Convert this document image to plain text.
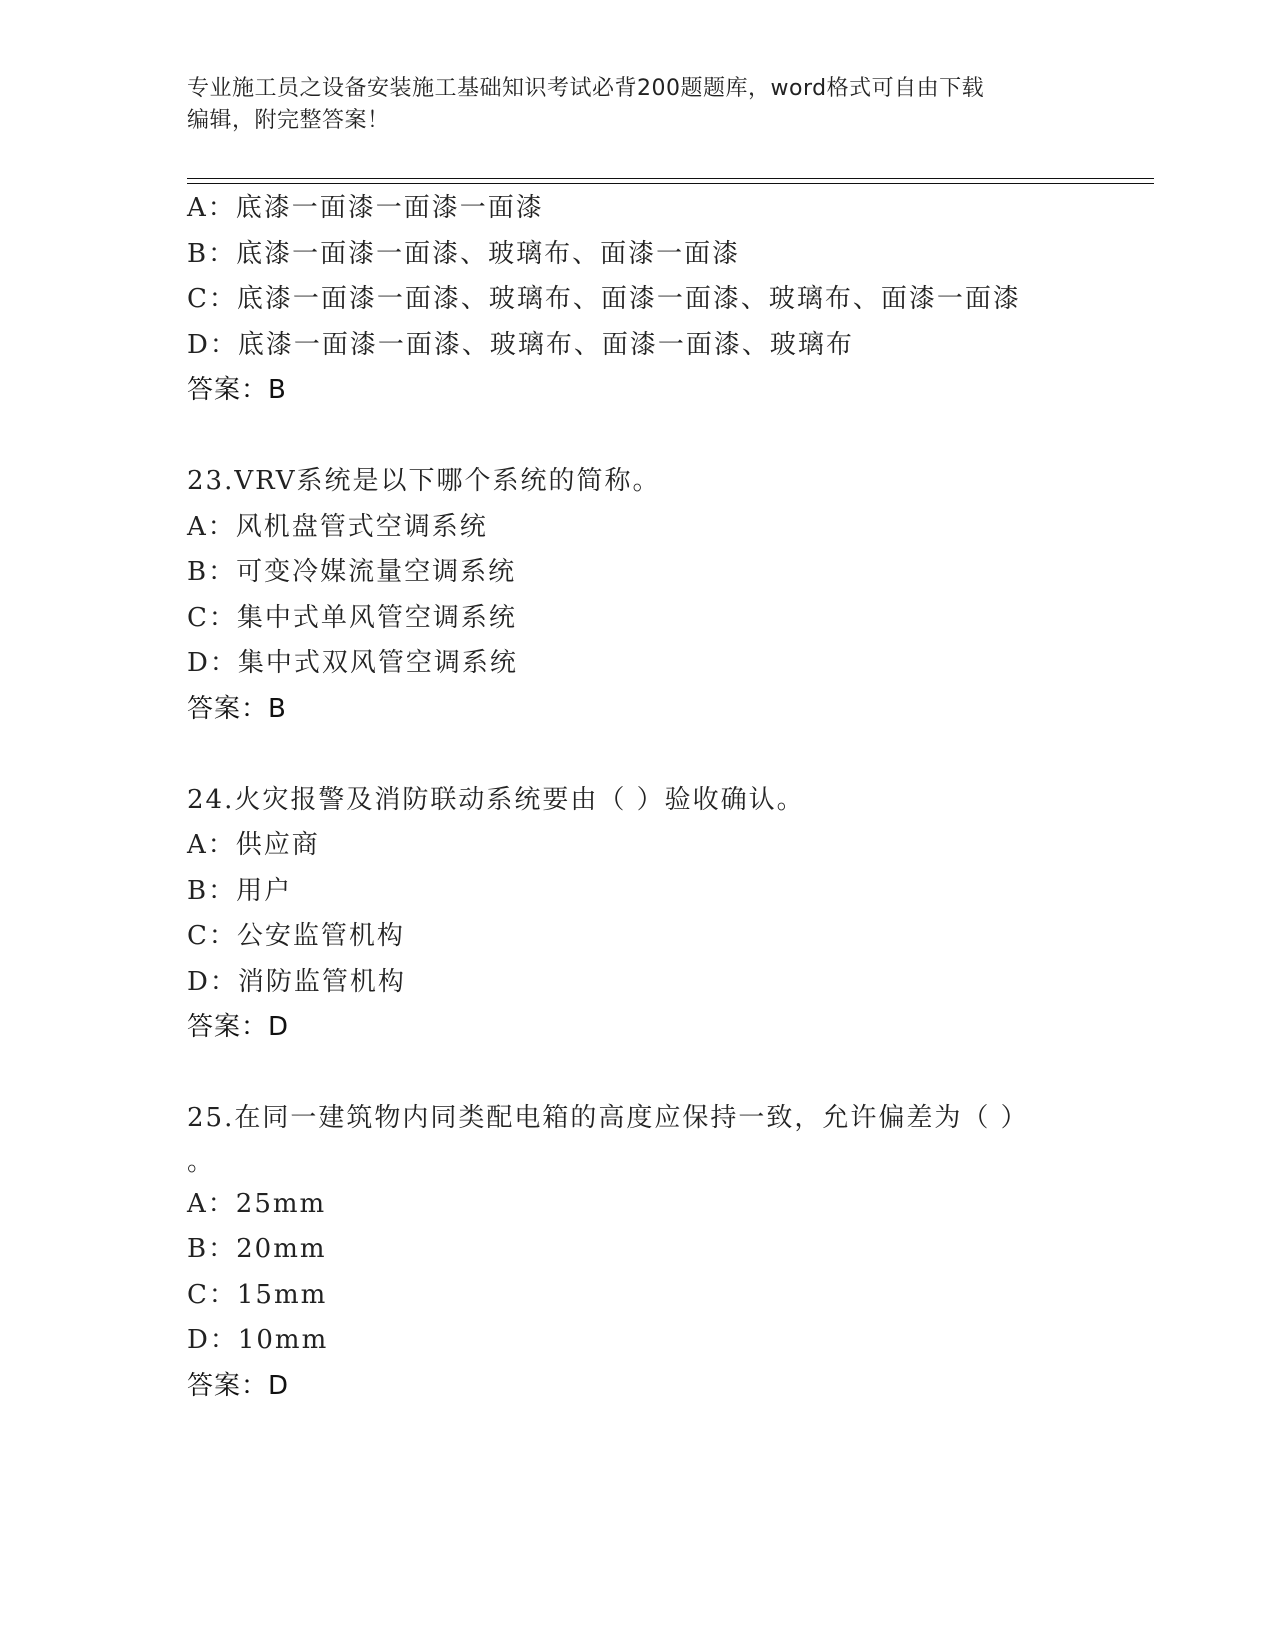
专业施工员之设备安装施工基础知识考试必背200题题库，word格式可自由下载
编辑，附完整答案！
A：底漆一面漆一面漆一面漆
B：底漆一面漆一面漆、玻璃布、面漆一面漆
C：底漆一面漆一面漆、玻璃布、面漆一面漆、玻璃布、面漆一面漆
D：底漆一面漆一面漆、玻璃布、面漆一面漆、玻璃布
答案：B
23.VRV系统是以下哪个系统的简称。
A：风机盘管式空调系统
B：可变冷媒流量空调系统
C：集中式单风管空调系统
D：集中式双风管空调系统
答案：B
24.火灾报警及消防联动系统要由（ ）验收确认。
A：供应商
B：用户
C：公安监管机构
D：消防监管机构
答案：D
25.在同一建筑物内同类配电箱的高度应保持一致，允许偏差为（ ）
。
A：25mm
B：20mm
C：15mm
D：10mm
答案：D
